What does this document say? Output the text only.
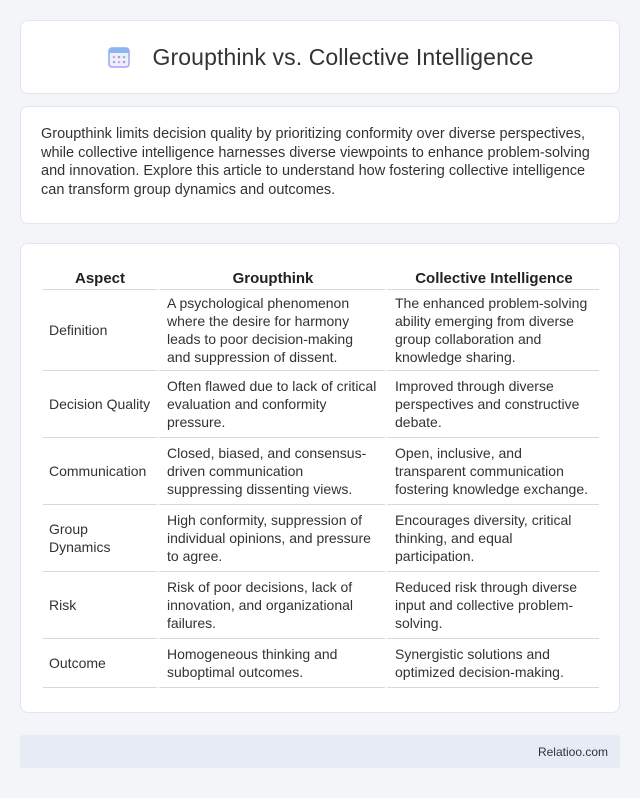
Groupthink vs. Collective Intelligence

Groupthink limits decision quality by prioritizing conformity over diverse perspectives, while collective intelligence harnesses diverse viewpoints to enhance problem-solving and innovation. Explore this article to understand how fostering collective intelligence can transform group dynamics and outcomes.

Aspect	Groupthink	Collective Intelligence
Definition	A psychological phenomenon where the desire for harmony leads to poor decision-making and suppression of dissent.	The enhanced problem-solving ability emerging from diverse group collaboration and knowledge sharing.
Decision Quality	Often flawed due to lack of critical evaluation and conformity pressure.	Improved through diverse perspectives and constructive debate.
Communication	Closed, biased, and consensus-driven communication suppressing dissenting views.	Open, inclusive, and transparent communication fostering knowledge exchange.
Group Dynamics	High conformity, suppression of individual opinions, and pressure to agree.	Encourages diversity, critical thinking, and equal participation.
Risk	Risk of poor decisions, lack of innovation, and organizational failures.	Reduced risk through diverse input and collective problem-solving.
Outcome	Homogeneous thinking and suboptimal outcomes.	Synergistic solutions and optimized decision-making.
Relatioo.com
